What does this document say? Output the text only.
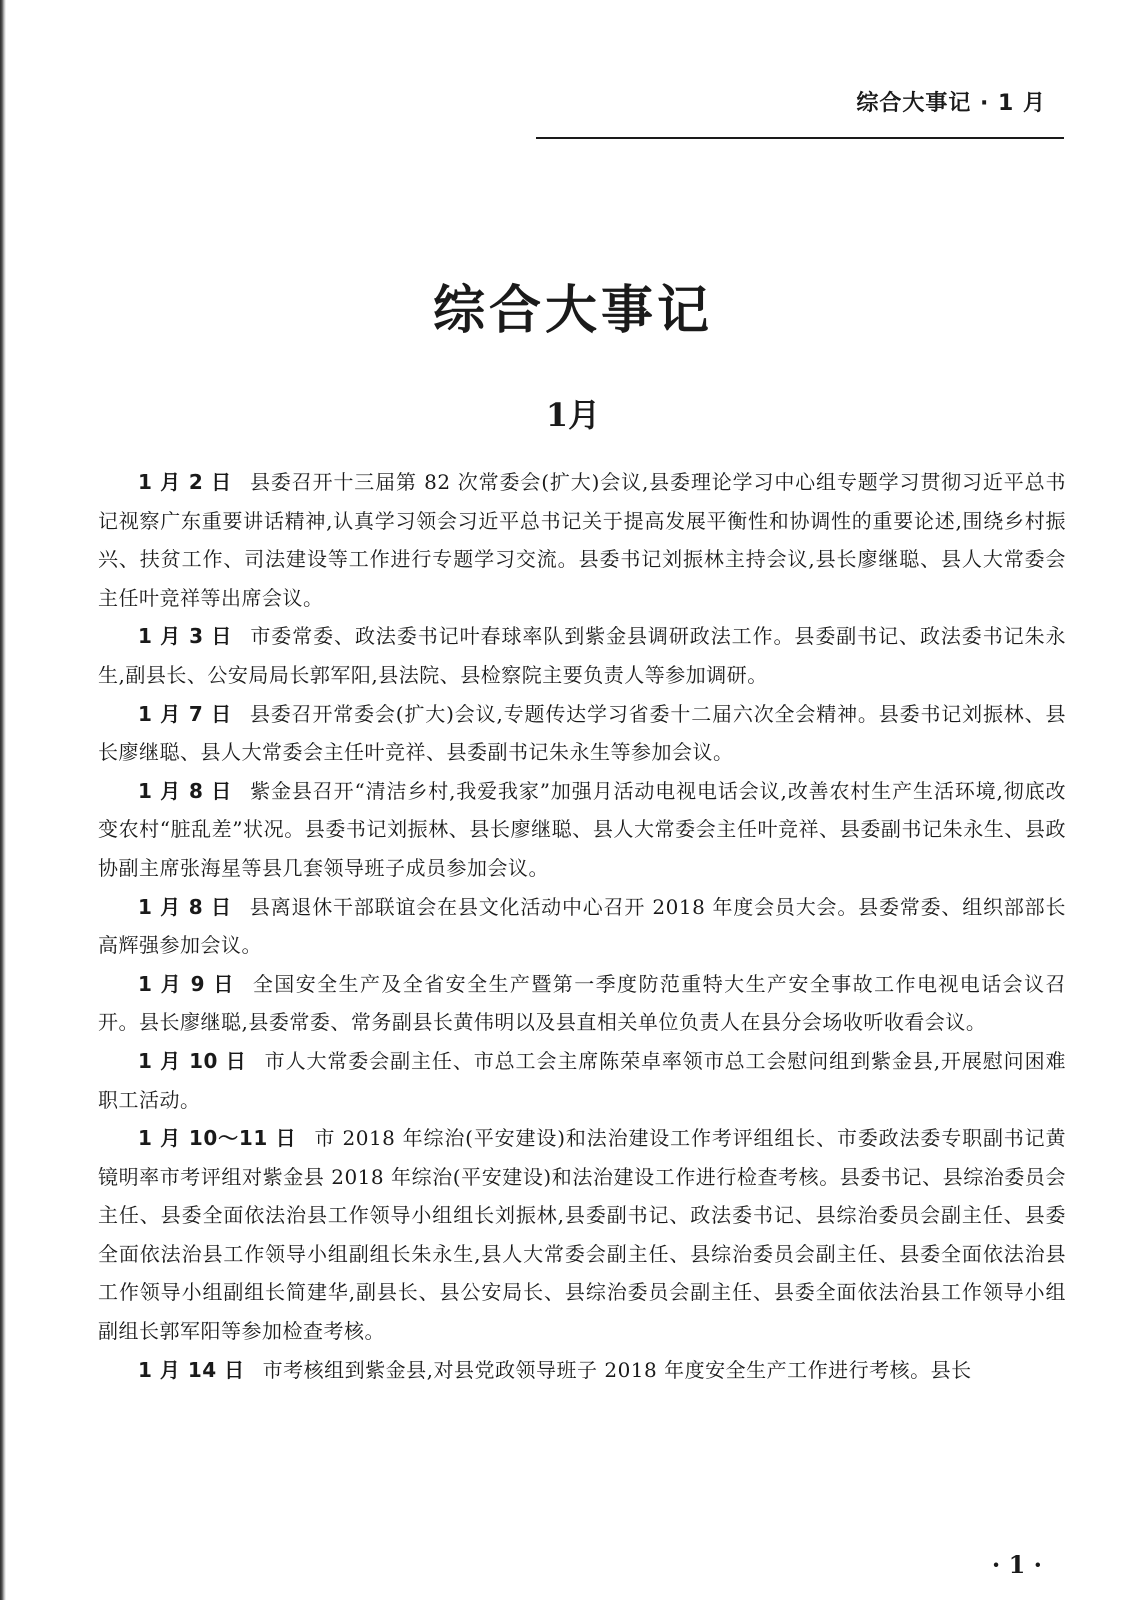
综合大事记 · 1 月
综合大事记
1月

1 月 2 日 县委召开十三届第 82 次常委会(扩大)会议,县委理论学习中心组专题学习贯彻习近平总书记视察广东重要讲话精神,认真学习领会习近平总书记关于提高发展平衡性和协调性的重要论述,围绕乡村振兴、扶贫工作、司法建设等工作进行专题学习交流。县委书记刘振林主持会议,县长廖继聪、县人大常委会主任叶竞祥等出席会议。

1 月 3 日 市委常委、政法委书记叶春球率队到紫金县调研政法工作。县委副书记、政法委书记朱永生,副县长、公安局局长郭军阳,县法院、县检察院主要负责人等参加调研。

1 月 7 日 县委召开常委会(扩大)会议,专题传达学习省委十二届六次全会精神。县委书记刘振林、县长廖继聪、县人大常委会主任叶竞祥、县委副书记朱永生等参加会议。

1 月 8 日 紫金县召开“清洁乡村,我爱我家”加强月活动电视电话会议,改善农村生产生活环境,彻底改变农村“脏乱差”状况。县委书记刘振林、县长廖继聪、县人大常委会主任叶竞祥、县委副书记朱永生、县政协副主席张海星等县几套领导班子成员参加会议。

1 月 8 日 县离退休干部联谊会在县文化活动中心召开 2018 年度会员大会。县委常委、组织部部长高辉强参加会议。

1 月 9 日 全国安全生产及全省安全生产暨第一季度防范重特大生产安全事故工作电视电话会议召开。县长廖继聪,县委常委、常务副县长黄伟明以及县直相关单位负责人在县分会场收听收看会议。

1 月 10 日 市人大常委会副主任、市总工会主席陈荣卓率领市总工会慰问组到紫金县,开展慰问困难职工活动。

1 月 10～11 日 市 2018 年综治(平安建设)和法治建设工作考评组组长、市委政法委专职副书记黄镜明率市考评组对紫金县 2018 年综治(平安建设)和法治建设工作进行检查考核。县委书记、县综治委员会主任、县委全面依法治县工作领导小组组长刘振林,县委副书记、政法委书记、县综治委员会副主任、县委全面依法治县工作领导小组副组长朱永生,县人大常委会副主任、县综治委员会副主任、县委全面依法治县工作领导小组副组长简建华,副县长、县公安局长、县综治委员会副主任、县委全面依法治县工作领导小组副组长郭军阳等参加检查考核。

1 月 14 日 市考核组到紫金县,对县党政领导班子 2018 年度安全生产工作进行考核。县长

· 1 ·
